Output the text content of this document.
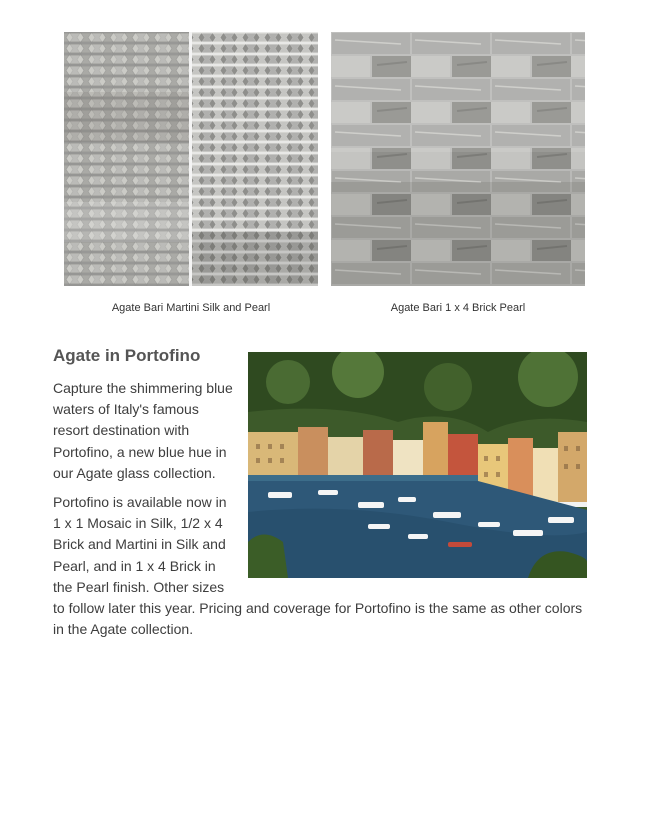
Agate Bari Martini Silk and Pearl	Agate Bari 1 x 4 Brick Pearl
Agate in Portofino

Capture the shimmering blue waters of Italy's famous resort destination with Portofino, a new blue hue in our Agate glass collection.

Portofino is available now in 1 x 1 Mosaic in Silk, 1/2 x 4 Brick and Martini in Silk and Pearl, and in 1 x 4 Brick in the Pearl finish. Other sizes to follow later this year. Pricing and coverage for Portofino is the same as other colors in the Agate collection.
